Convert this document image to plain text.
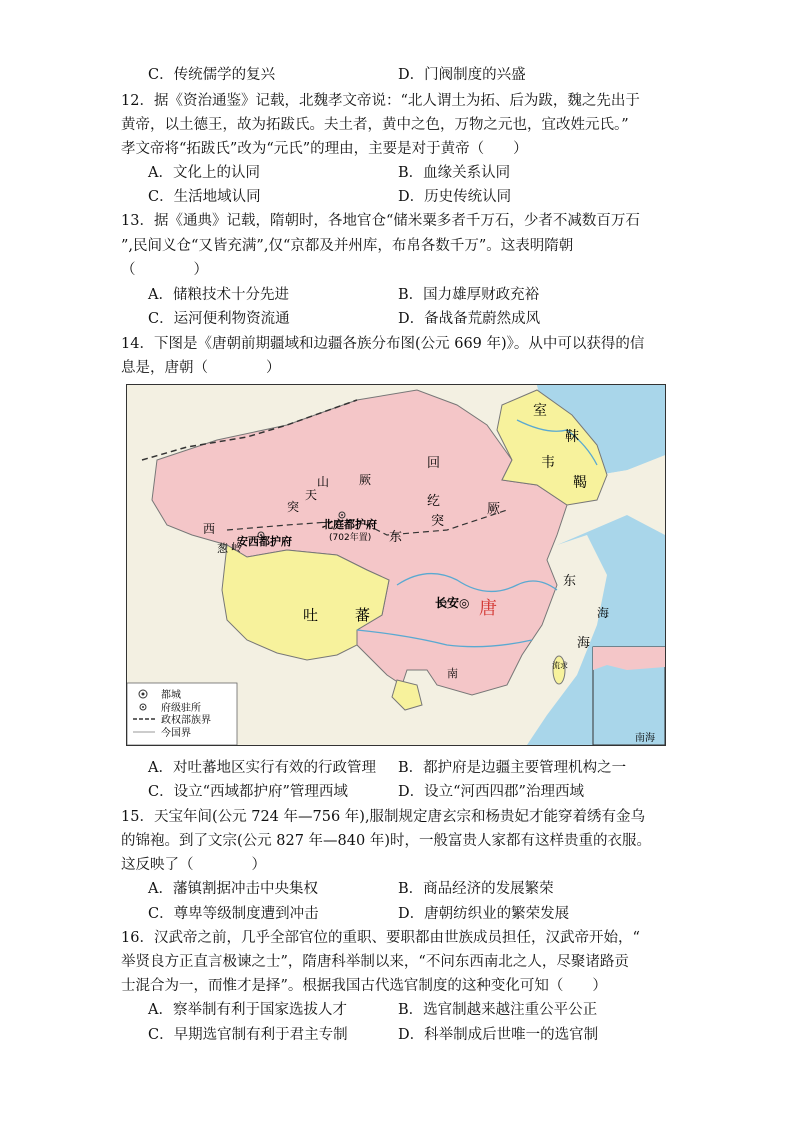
C．传统儒学的复兴	D．门阀制度的兴盛
12．据《资治通鉴》记载，北魏孝文帝说：“北人谓土为拓、后为跋，魏之先出于
黄帝，以土德王，故为拓跋氏。夫土者，黄中之色，万物之元也，宜改姓元氏。”
孝文帝将“拓跋氏”改为“元氏”的理由，主要是对于黄帝（　　）
A．文化上的认同	B．血缘关系认同
C．生活地域认同	D．历史传统认同
13．据《通典》记载，隋朝时，各地官仓“储米粟多者千万石，少者不减数百万石
”,民间义仓“又皆充满”,仅“京都及并州库，布帛各数千万”。这表明隋朝
（　　　　）
A．储粮技术十分先进	B．国力雄厚财政充裕
C．运河便利物资流通	D．备战备荒蔚然成风
14．下图是《唐朝前期疆域和边疆各族分布图(公元 669 年)》。从中可以获得的信
息是，唐朝（　　　　）
室
靺
韦
鞨
回
纥
突
厥
突
天
山 厥
东
西
葱 岭
北庭都护府
(702年置)
安西都护府
吐 蕃
长安◎ 唐
东
海
海
南
流求
南海
都城
府级驻所
政权部族界
今国界
A．对吐蕃地区实行有效的行政管理 B．都护府是边疆主要管理机构之一
C．设立“西域都护府”管理西域	D．设立“河西四郡”治理西域
15．天宝年间(公元 724 年—756 年),服制规定唐玄宗和杨贵妃才能穿着绣有金乌
的锦袍。到了文宗(公元 827 年—840 年)时，一般富贵人家都有这样贵重的衣服。
这反映了（　　　　）
A．藩镇割据冲击中央集权	B．商品经济的发展繁荣
C．尊卑等级制度遭到冲击	D．唐朝纺织业的繁荣发展
16．汉武帝之前，几乎全部官位的重职、要职都由世族成员担任，汉武帝开始，“
举贤良方正直言极谏之士”，隋唐科举制以来，“不问东西南北之人，尽聚诸路贡
士混合为一，而惟才是择”。根据我国古代选官制度的这种变化可知（　　）
A．察举制有利于国家选拔人才	B．选官制越来越注重公平公正
C．早期选官制有利于君主专制	D．科举制成后世唯一的选官制
